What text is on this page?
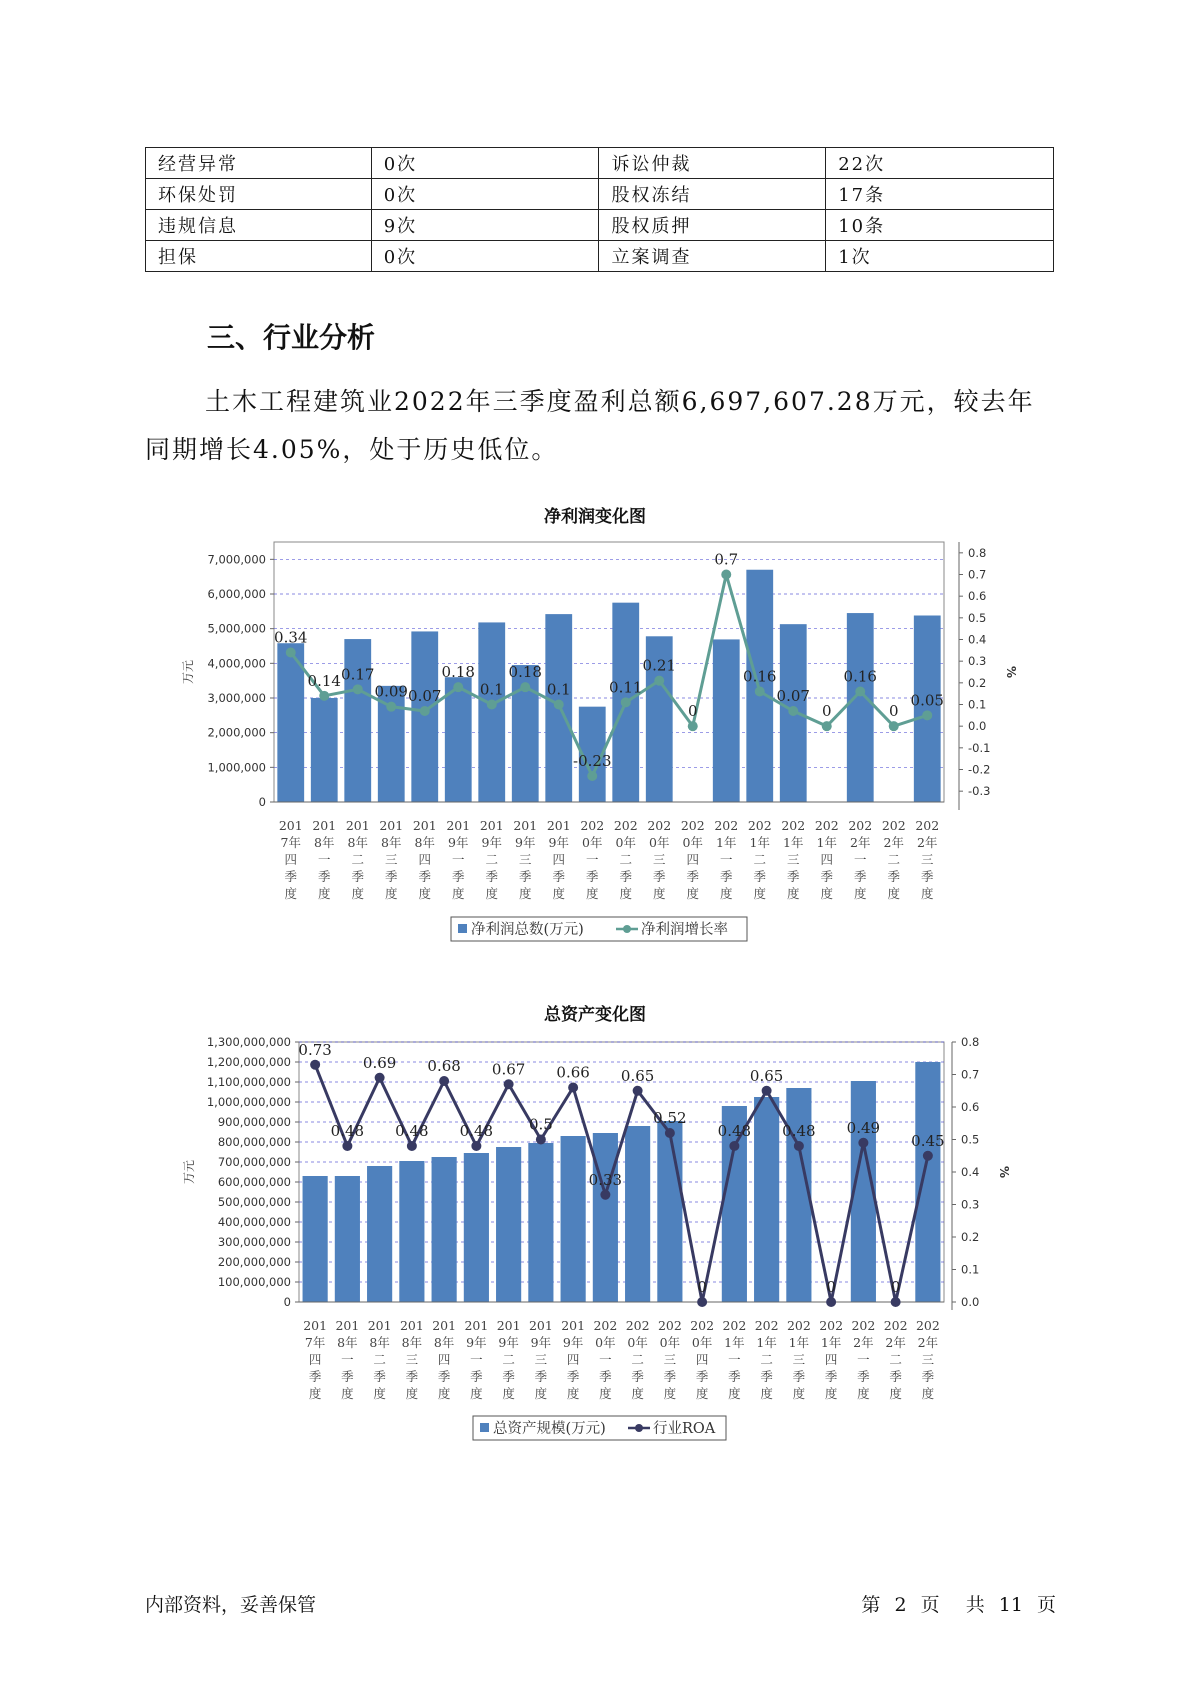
经营异常	0次	诉讼仲裁	22次
环保处罚	0次	股权冻结	17条
违规信息	9次	股权质押	10条
担保	0次	立案调查	1次
三、行业分析

土木工程建筑业2022年三季度盈利总额6,697,607.28万元，较去年同期增长4.05%，处于历史低位。

净利润变化图
总资产变化图
0
1,000,000
2,000,000
3,000,000
4,000,000
5,000,000
6,000,000
7,000,000
-0.3
-0.2
-0.1
0.0
0.1
0.2
0.3
0.4
0.5
0.6
0.7
0.8
万元	%
201
7年
四
季
度
201
8年
一
季
度
201
8年
二
季
度
201
8年
三
季
度
201
8年
四
季
度
201
9年
一
季
度
201
9年
二
季
度
201
9年
三
季
度
201
9年
四
季
度
202
0年
一
季
度
202
0年
二
季
度
202
0年
三
季
度
202
0年
四
季
度
202
1年
一
季
度
202
1年
二
季
度
202
1年
三
季
度
202
1年
四
季
度
202
2年
一
季
度
202
2年
二
季
度
202
2年
三
季
度
0.34
0.14 0.17
0.09 0.07
0.18
0.1
0.18
0.1
-0.23
0.11
0.21
0
0.7
0.16
0.07
0
0.16
0
0.05
净利润总数(万元)	净利润增长率
0
100,000,000
200,000,000
300,000,000
400,000,000
500,000,000
600,000,000
700,000,000
800,000,000
900,000,000
1,000,000,000
1,100,000,000
1,200,000,000
1,300,000,000
0.0
0.1
0.2
0.3
0.4
0.5
0.6
0.7
0.8
万元	%
201
7年
四
季
度
201
8年
一
季
度
201
8年
二
季
度
201
8年
三
季
度
201
8年
四
季
度
201
9年
一
季
度
201
9年
二
季
度
201
9年
三
季
度
201
9年
四
季
度
202
0年
一
季
度
202
0年
二
季
度
202
0年
三
季
度
202
0年
四
季
度
202
1年
一
季
度
202
1年
二
季
度
202
1年
三
季
度
202
1年
四
季
度
202
2年
一
季
度
202
2年
二
季
度
202
2年
三
季
度
0.73
0.48
0.69
0.48
0.68
0.48
0.67
0.5
0.66
0.33
0.65
0.52
0
0.48
0.65
0.48
0
0.49
0
0.45
总资产规模(万元)	行业ROA
内部资料，妥善保管	第 2 页 共 11 页
